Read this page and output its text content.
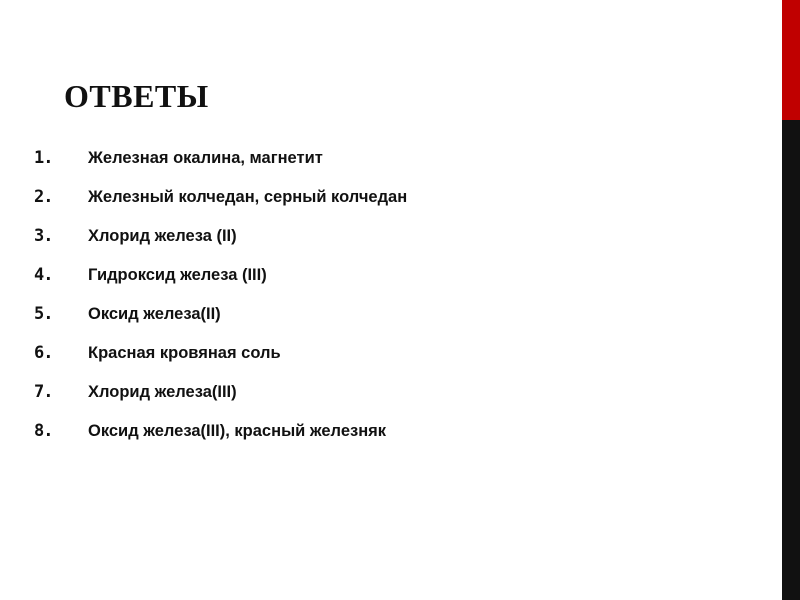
ОТВЕТЫ
1.	Железная окалина, магнетит
2.	Железный колчедан, серный колчедан
3.	Хлорид железа (II)
4.	Гидроксид железа (III)
5.	Оксид железа(II)
6.	Красная кровяная соль
7.	Хлорид железа(III)
8.	Оксид железа(III), красный железняк
